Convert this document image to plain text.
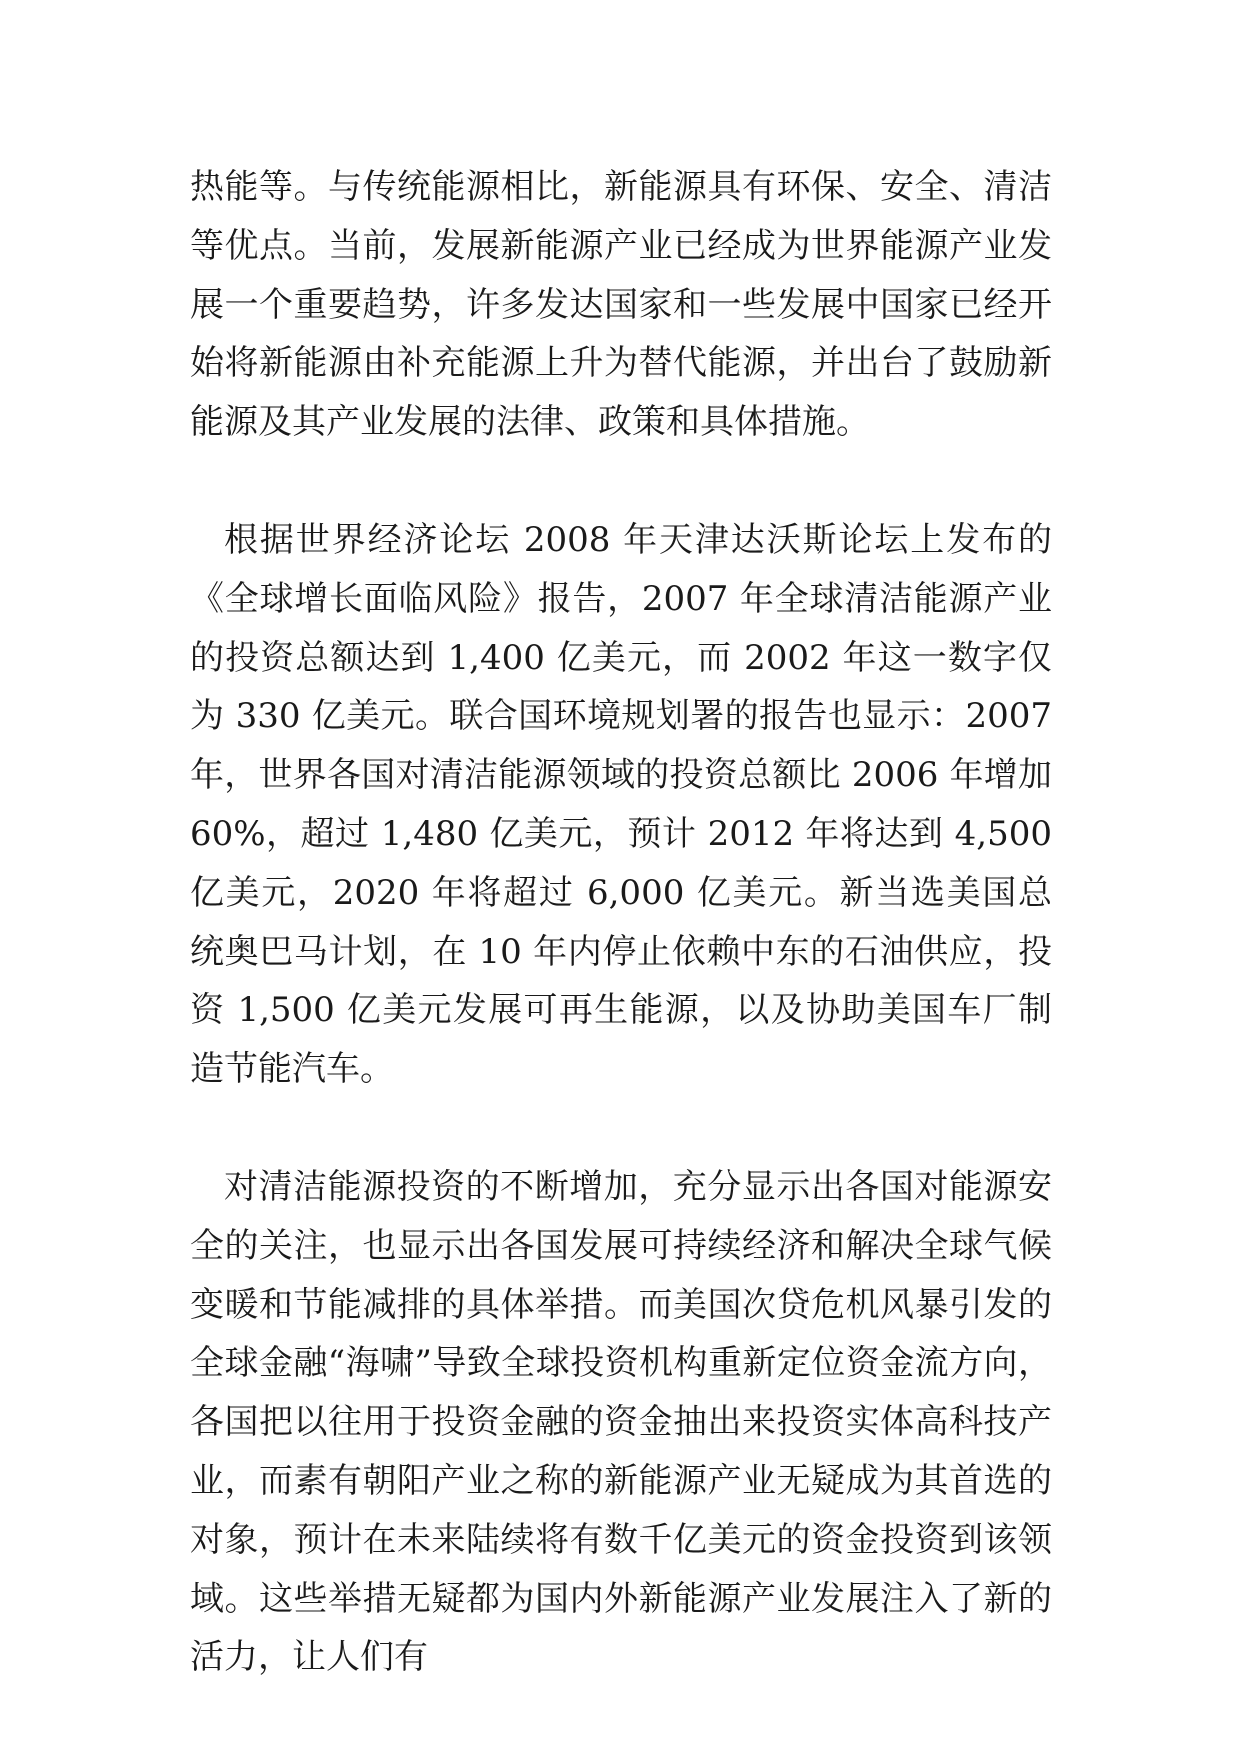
热能等。与传统能源相比，新能源具有环保、安全、清洁等优点。当前，发展新能源产业已经成为世界能源产业发展一个重要趋势，许多发达国家和一些发展中国家已经开始将新能源由补充能源上升为替代能源，并出台了鼓励新能源及其产业发展的法律、政策和具体措施。

根据世界经济论坛 2008 年天津达沃斯论坛上发布的《全球增长面临风险》报告，2007 年全球清洁能源产业的投资总额达到 1,400 亿美元，而 2002 年这一数字仅为 330 亿美元。联合国环境规划署的报告也显示：2007 年，世界各国对清洁能源领域的投资总额比 2006 年增加 60%，超过 1,480 亿美元，预计 2012 年将达到 4,500 亿美元，2020 年将超过 6,000 亿美元。新当选美国总统奥巴马计划，在 10 年内停止依赖中东的石油供应，投资 1,500 亿美元发展可再生能源，以及协助美国车厂制造节能汽车。

对清洁能源投资的不断增加，充分显示出各国对能源安全的关注，也显示出各国发展可持续经济和解决全球气候变暖和节能减排的具体举措。而美国次贷危机风暴引发的全球金融“海啸”导致全球投资机构重新定位资金流方向，各国把以往用于投资金融的资金抽出来投资实体高科技产业，而素有朝阳产业之称的新能源产业无疑成为其首选的对象，预计在未来陆续将有数千亿美元的资金投资到该领域。这些举措无疑都为国内外新能源产业发展注入了新的活力，让人们有
